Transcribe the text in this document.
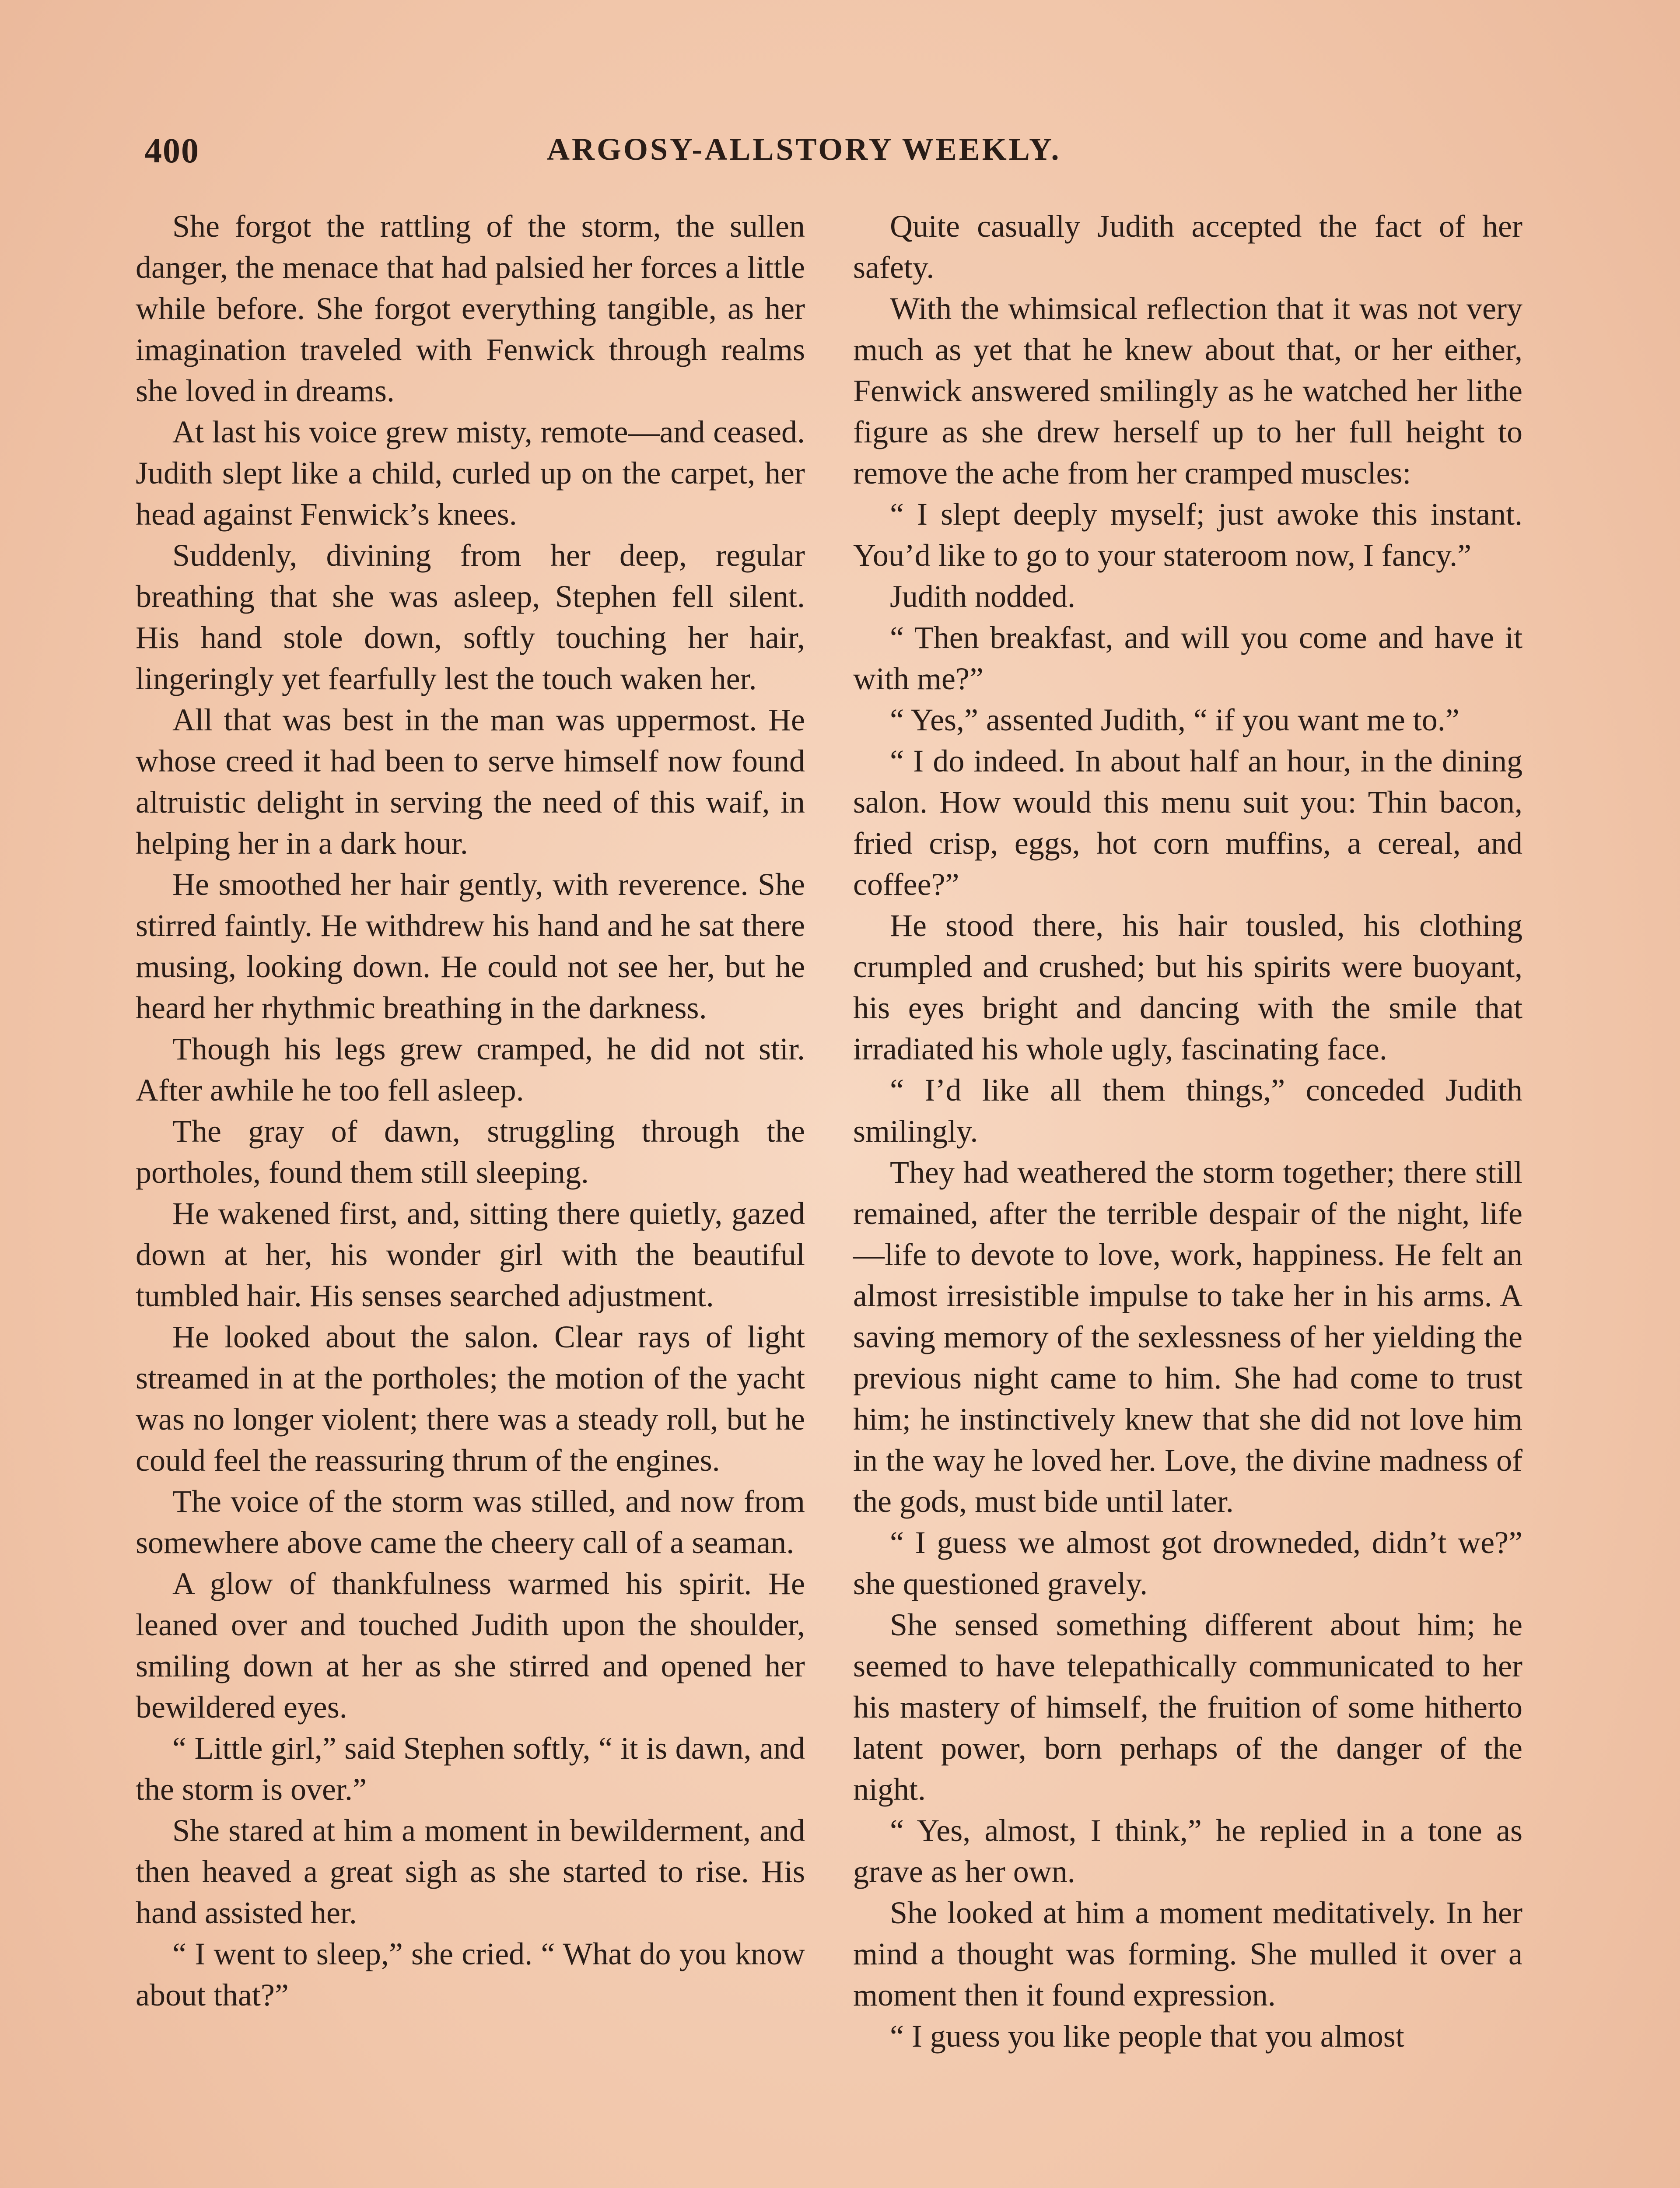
400	ARGOSY-ALLSTORY WEEKLY.

She forgot the rattling of the storm, the sullen danger, the menace that had palsied her forces a little while before. She forgot everything tangible, as her imagination traveled with Fenwick through realms she loved in dreams.

At last his voice grew misty, remote—and ceased. Judith slept like a child, curled up on the carpet, her head against Fenwick’s knees.

Suddenly, divining from her deep, regular breathing that she was asleep, Stephen fell silent. His hand stole down, softly touching her hair, lingeringly yet fearfully lest the touch waken her.

All that was best in the man was uppermost. He whose creed it had been to serve himself now found altruistic delight in serving the need of this waif, in helping her in a dark hour.

He smoothed her hair gently, with reverence. She stirred faintly. He withdrew his hand and he sat there musing, looking down. He could not see her, but he heard her rhythmic breathing in the darkness.

Though his legs grew cramped, he did not stir. After awhile he too fell asleep.

The gray of dawn, struggling through the portholes, found them still sleeping.

He wakened first, and, sitting there quietly, gazed down at her, his wonder girl with the beautiful tumbled hair. His senses searched adjustment.

He looked about the salon. Clear rays of light streamed in at the portholes; the motion of the yacht was no longer violent; there was a steady roll, but he could feel the reassuring thrum of the engines.

The voice of the storm was stilled, and now from somewhere above came the cheery call of a seaman.

A glow of thankfulness warmed his spirit. He leaned over and touched Judith upon the shoulder, smiling down at her as she stirred and opened her bewildered eyes.

“ Little girl,” said Stephen softly, “ it is dawn, and the storm is over.”

She stared at him a moment in bewilderment, and then heaved a great sigh as she started to rise. His hand assisted her.

“ I went to sleep,” she cried. “ What do you know about that?”

Quite casually Judith accepted the fact of her safety.

With the whimsical reflection that it was not very much as yet that he knew about that, or her either, Fenwick answered smilingly as he watched her lithe figure as she drew herself up to her full height to remove the ache from her cramped muscles:

“ I slept deeply myself; just awoke this instant. You’d like to go to your stateroom now, I fancy.”

Judith nodded.

“ Then breakfast, and will you come and have it with me?”

“ Yes,” assented Judith, “ if you want me to.”

“ I do indeed. In about half an hour, in the dining salon. How would this menu suit you: Thin bacon, fried crisp, eggs, hot corn muffins, a cereal, and coffee?”

He stood there, his hair tousled, his clothing crumpled and crushed; but his spirits were buoyant, his eyes bright and dancing with the smile that irradiated his whole ugly, fascinating face.

“ I’d like all them things,” conceded Judith smilingly.

They had weathered the storm together; there still remained, after the terrible despair of the night, life—life to devote to love, work, happiness. He felt an almost irresistible impulse to take her in his arms. A saving memory of the sexlessness of her yielding the previous night came to him. She had come to trust him; he instinctively knew that she did not love him in the way he loved her. Love, the divine madness of the gods, must bide until later.

“ I guess we almost got drowneded, didn’t we?” she questioned gravely.

She sensed something different about him; he seemed to have telepathically communicated to her his mastery of himself, the fruition of some hitherto latent power, born perhaps of the danger of the night.

“ Yes, almost, I think,” he replied in a tone as grave as her own.

She looked at him a moment meditatively. In her mind a thought was forming. She mulled it over a moment then it found expression.

“ I guess you like people that you almost
